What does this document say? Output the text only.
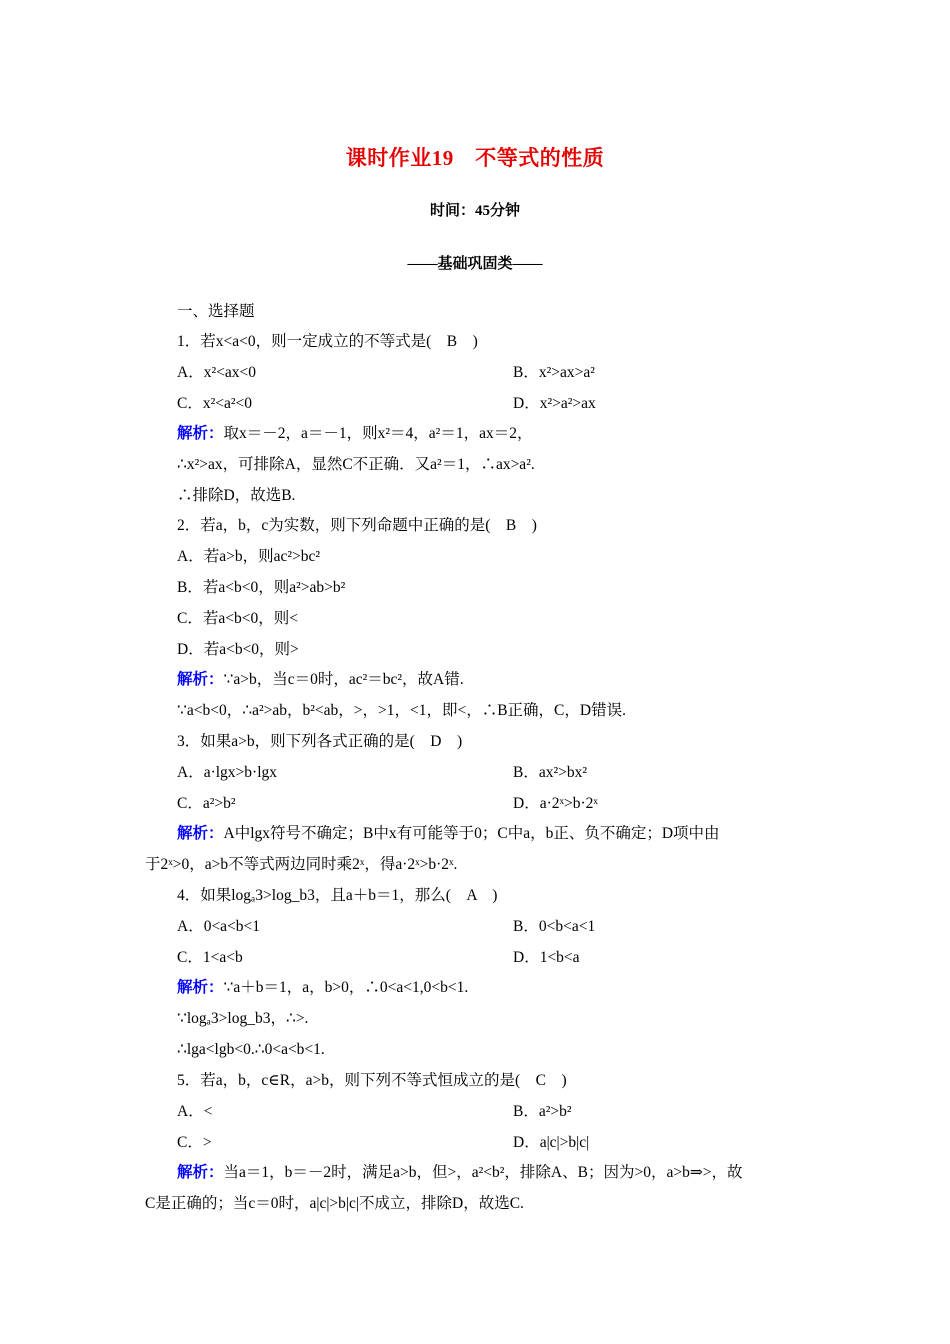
课时作业19　不等式的性质
时间：45分钟
——基础巩固类——
一、选择题
1．若x<a<0，则一定成立的不等式是(　B　)
A．x²<ax<0	B．x²>ax>a²
C．x²<a²<0	D．x²>a²>ax
解析：取x＝－2，a＝－1，则x²＝4，a²＝1，ax＝2，
∴x²>ax，可排除A，显然C不正确．又a²＝1，∴ax>a².
∴排除D，故选B.
2．若a，b，c为实数，则下列命题中正确的是(　B　)
A．若a>b，则ac²>bc²
B．若a<b<0，则a²>ab>b²
C．若a<b<0，则<
D．若a<b<0，则>
解析：∵a>b，当c＝0时，ac²＝bc²，故A错.
∵a<b<0，∴a²>ab，b²<ab，>，>1，<1，即<，∴B正确，C，D错误.
3．如果a>b，则下列各式正确的是(　D　)
A．a·lgx>b·lgx	B．ax²>bx²
C．a²>b²	D．a·2ˣ>b·2ˣ
解析：A中lgx符号不确定；B中x有可能等于0；C中a，b正、负不确定；D项中由
于2ˣ>0，a>b不等式两边同时乘2ˣ，得a·2ˣ>b·2ˣ.
4．如果logₐ3>log_b3，且a＋b＝1，那么(　A　)
A．0<a<b<1	B．0<b<a<1
C．1<a<b	D．1<b<a
解析：∵a＋b＝1，a，b>0，∴0<a<1,0<b<1.
∵logₐ3>log_b3，∴>.
∴lga<lgb<0.∴0<a<b<1.
5．若a，b，c∈R，a>b，则下列不等式恒成立的是(　C　)
A．<	B．a²>b²
C．>	D．a|c|>b|c|
解析：当a＝1，b＝－2时，满足a>b，但>，a²<b²，排除A、B；因为>0，a>b⇒>，故
C是正确的；当c＝0时，a|c|>b|c|不成立，排除D，故选C.
